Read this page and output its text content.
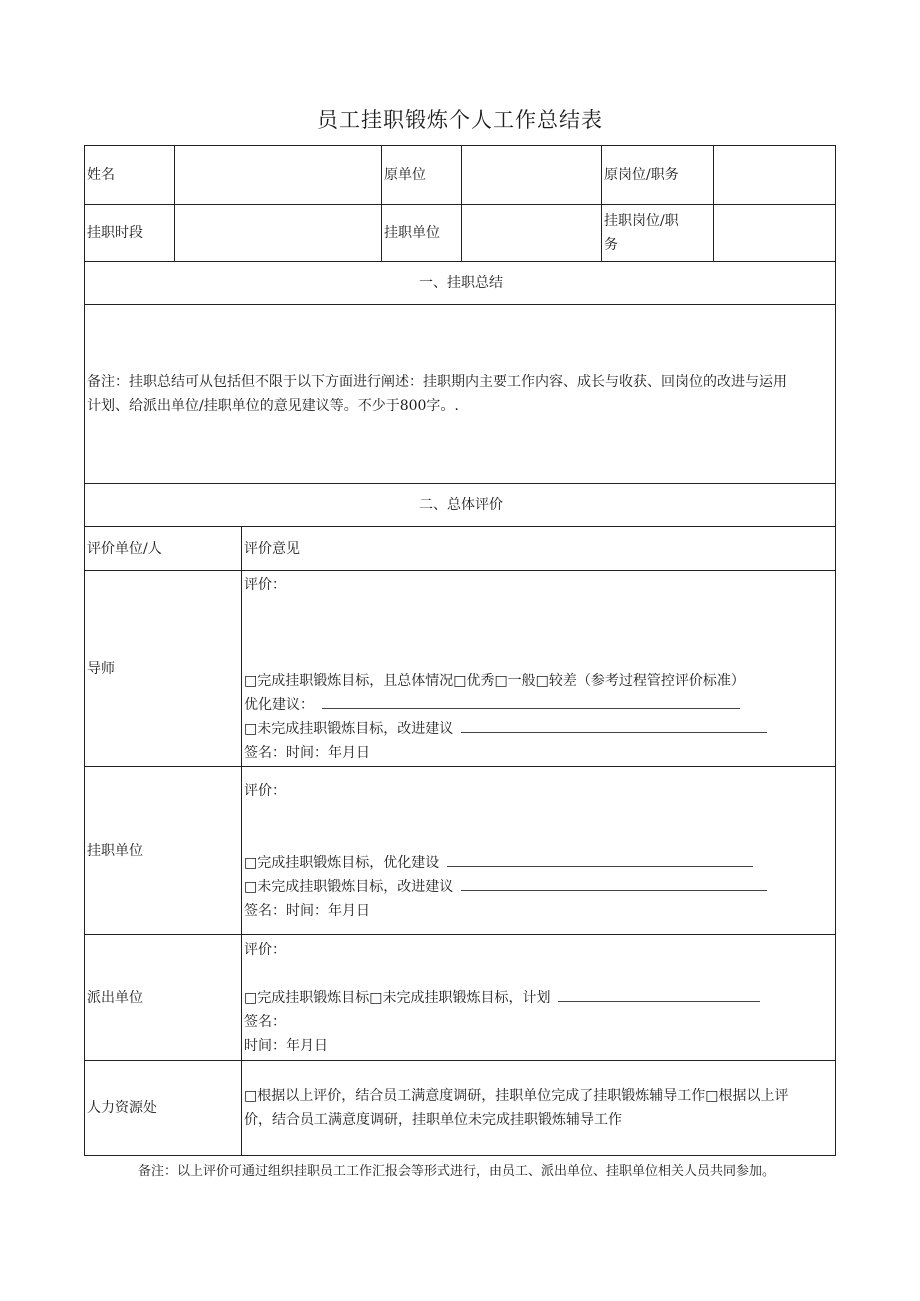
员工挂职锻炼个人工作总结表
姓名			原单位		原岗位/职务	
挂职时段			挂职单位		挂职岗位/职
务	

一、挂职总结						

备注：挂职总结可从包括但不限于以下方面进行阐述：挂职期内主要工作内容、成长与收获、回岗位的改进与运用
计划、给派出单位/挂职单位的意见建议等。不少于800字。.						

二、总体评价						
评价单位/人		评价意见				
导师		评价：
□完成挂职锻炼目标，且总体情况□优秀□一般□较差（参考过程管控评价标准）
优化建议：
□未完成挂职锻炼目标，改进建议
签名：时间：年月日				

挂职单位		评价：
□完成挂职锻炼目标，优化建设
□未完成挂职锻炼目标，改进建议
签名：时间：年月日				

派出单位		评价：
□完成挂职锻炼目标□未完成挂职锻炼目标，计划
签名：
时间：年月日				

人力资源处		□根据以上评价，结合员工满意度调研，挂职单位完成了挂职锻炼辅导工作□根据以上评
价，结合员工满意度调研，挂职单位未完成挂职锻炼辅导工作				
备注：以上评价可通过组织挂职员工工作汇报会等形式进行，由员工、派出单位、挂职单位相关人员共同参加。
